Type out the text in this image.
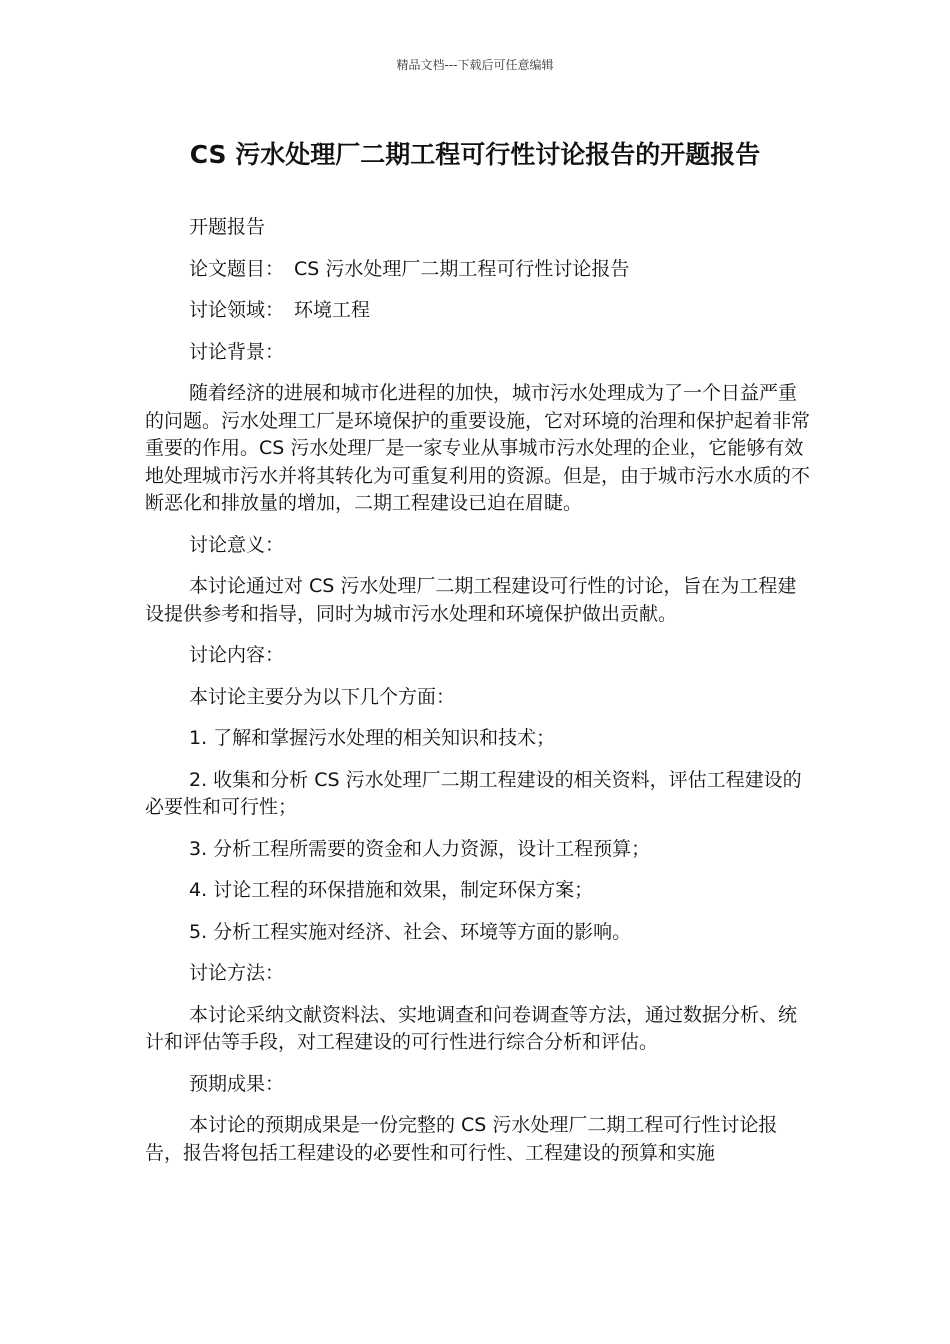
精品文档---下载后可任意编辑
CS 污水处理厂二期工程可行性讨论报告的开题报告

开题报告

论文题目： CS 污水处理厂二期工程可行性讨论报告

讨论领域： 环境工程

讨论背景：

随着经济的进展和城市化进程的加快，城市污水处理成为了一个日益严重的问题。污水处理工厂是环境保护的重要设施，它对环境的治理和保护起着非常重要的作用。CS 污水处理厂是一家专业从事城市污水处理的企业，它能够有效地处理城市污水并将其转化为可重复利用的资源。但是，由于城市污水水质的不断恶化和排放量的增加，二期工程建设已迫在眉睫。

讨论意义：

本讨论通过对 CS 污水处理厂二期工程建设可行性的讨论，旨在为工程建设提供参考和指导，同时为城市污水处理和环境保护做出贡献。

讨论内容：

本讨论主要分为以下几个方面：

1. 了解和掌握污水处理的相关知识和技术；

2. 收集和分析 CS 污水处理厂二期工程建设的相关资料，评估工程建设的必要性和可行性；

3. 分析工程所需要的资金和人力资源，设计工程预算；

4. 讨论工程的环保措施和效果，制定环保方案；

5. 分析工程实施对经济、社会、环境等方面的影响。

讨论方法：

本讨论采纳文献资料法、实地调查和问卷调查等方法，通过数据分析、统计和评估等手段，对工程建设的可行性进行综合分析和评估。

预期成果：

本讨论的预期成果是一份完整的 CS 污水处理厂二期工程可行性讨论报告，报告将包括工程建设的必要性和可行性、工程建设的预算和实施
